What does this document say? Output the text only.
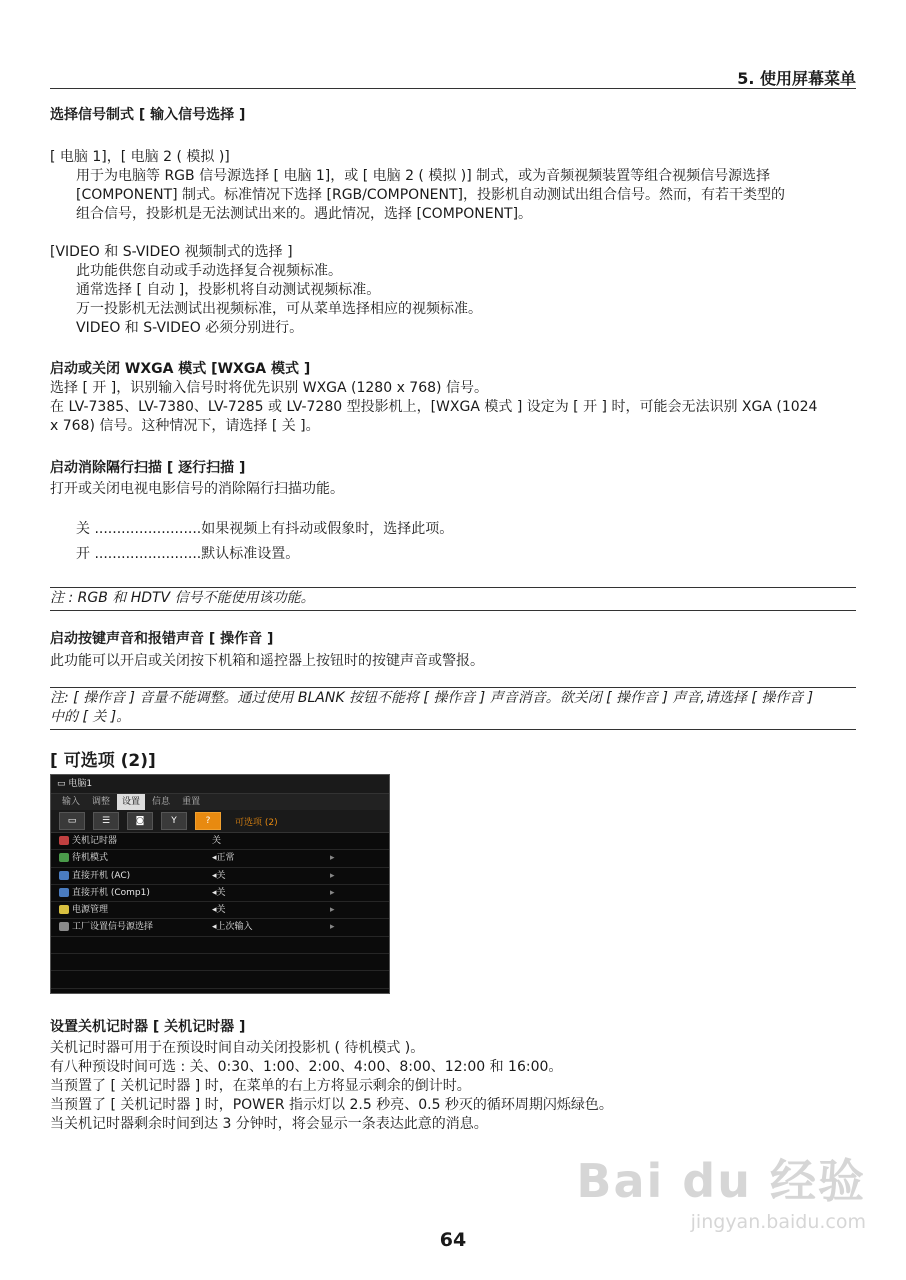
5. 使用屏幕菜单
选择信号制式 [ 输入信号选择 ]
[ 电脑 1]，[ 电脑 2 ( 模拟 )]
用于为电脑等 RGB 信号源选择 [ 电脑 1]，或 [ 电脑 2 ( 模拟 )] 制式，或为音频视频装置等组合视频信号源选择
[COMPONENT] 制式。标准情况下选择 [RGB/COMPONENT]，投影机自动测试出组合信号。然而，有若干类型的
组合信号，投影机是无法测试出来的。遇此情况，选择 [COMPONENT]。
[VIDEO 和 S-VIDEO 视频制式的选择 ]
此功能供您自动或手动选择复合视频标准。
通常选择 [ 自动 ]，投影机将自动测试视频标准。
万一投影机无法测试出视频标准，可从菜单选择相应的视频标准。
VIDEO 和 S-VIDEO 必须分别进行。
启动或关闭 WXGA 模式 [WXGA 模式 ]
选择 [ 开 ]，识别输入信号时将优先识别 WXGA (1280 x 768) 信号。
在 LV-7385、LV-7380、LV-7285 或 LV-7280 型投影机上，[WXGA 模式 ] 设定为 [ 开 ] 时，可能会无法识别 XGA (1024
x 768) 信号。这种情况下，请选择 [ 关 ]。
启动消除隔行扫描 [ 逐行扫描 ]
打开或关闭电视电影信号的消除隔行扫描功能。
关 ........................如果视频上有抖动或假象时，选择此项。
开 ........................默认标准设置。
注 : RGB 和 HDTV 信号不能使用该功能。
启动按键声音和报错声音 [ 操作音 ]
此功能可以开启或关闭按下机箱和遥控器上按钮时的按键声音或警报。
注: [ 操作音 ] 音量不能调整。通过使用 BLANK 按钮不能将 [ 操作音 ] 声音消音。欲关闭 [ 操作音 ] 声音,请选择 [ 操作音 ]
中的 [ 关 ]。
[ 可选项 (2)]
▭ 电脑1
输入	调整	设置	信息	重置
▭	☰	◙	Y	?	可选项 (2)
关机记时器	关
待机模式	◂正常	▸
直接开机 (AC)	◂关	▸
直接开机 (Comp1)	◂关	▸
电源管理	◂关	▸
工厂设置信号源选择	◂上次输入	▸
设置关机记时器 [ 关机记时器 ]
关机记时器可用于在预设时间自动关闭投影机 ( 待机模式 )。
有八种预设时间可选 : 关、0:30、1:00、2:00、4:00、8:00、12:00 和 16:00。
当预置了 [ 关机记时器 ] 时，在菜单的右上方将显示剩余的倒计时。
当预置了 [ 关机记时器 ] 时，POWER 指示灯以 2.5 秒亮、0.5 秒灭的循环周期闪烁绿色。
当关机记时器剩余时间到达 3 分钟时，将会显示一条表达此意的消息。
Bai du 经验
jingyan.baidu.com
64
